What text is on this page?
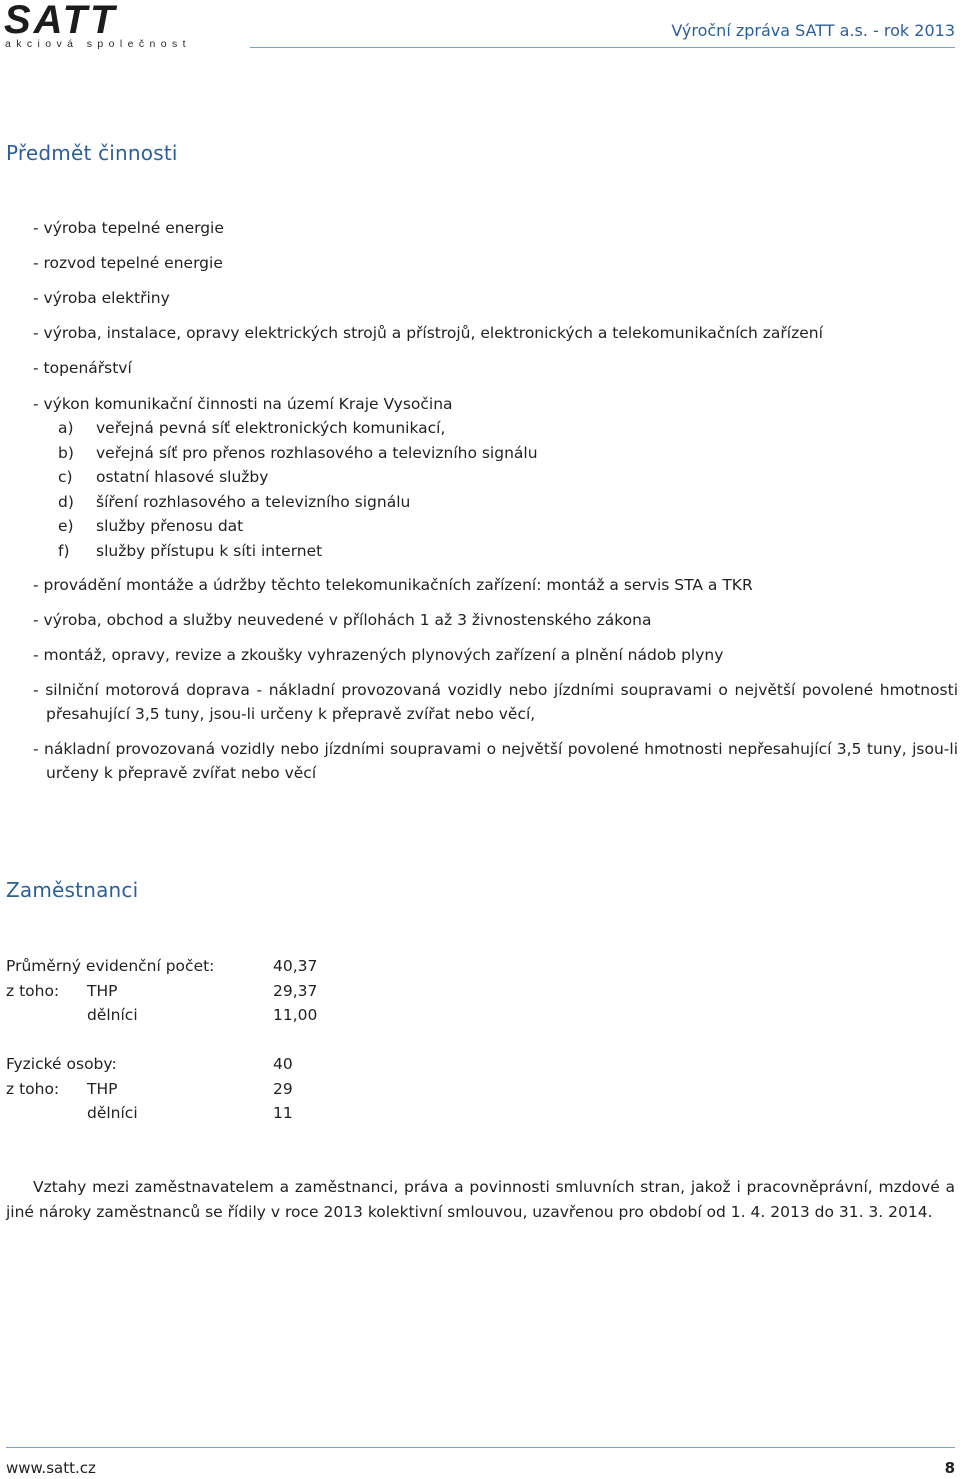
SATT
akciová společnost
Výroční zpráva SATT a.s. - rok 2013
Předmět činnosti
- výroba tepelné energie
- rozvod tepelné energie
- výroba elektřiny
- výroba, instalace, opravy elektrických strojů a přístrojů, elektronických a telekomunikačních zařízení
- topenářství
- výkon komunikační činnosti na území Kraje Vysočina
a) veřejná pevná síť elektronických komunikací,
b) veřejná síť pro přenos rozhlasového a televizního signálu
c) ostatní hlasové služby
d) šíření rozhlasového a televizního signálu
e) služby přenosu dat
f) služby přístupu k síti internet
- provádění montáže a údržby těchto telekomunikačních zařízení: montáž a servis STA a TKR
- výroba, obchod a služby neuvedené v přílohách 1 až 3 živnostenského zákona
- montáž, opravy, revize a zkoušky vyhrazených plynových zařízení a plnění nádob plyny
- silniční motorová doprava - nákladní provozovaná vozidly nebo jízdními soupravami o největší povolené hmotnosti přesahující 3,5 tuny, jsou-li určeny k přepravě zvířat nebo věcí,
- nákladní provozovaná vozidly nebo jízdními soupravami o největší povolené hmotnosti nepřesahující 3,5 tuny, jsou-li určeny k přepravě zvířat nebo věcí
Zaměstnanci
Průměrný evidenční počet:	40,37
z toho: THP	29,37
dělníci	11,00
Fyzické osoby:	40
z toho: THP	29
dělníci	11

Vztahy mezi zaměstnavatelem a zaměstnanci, práva a povinnosti smluvních stran, jakož i pracovněprávní, mzdové a jiné nároky zaměstnanců se řídily v roce 2013 kolektivní smlouvou, uzavřenou pro období od 1. 4. 2013 do 31. 3. 2014.

www.satt.cz	8
